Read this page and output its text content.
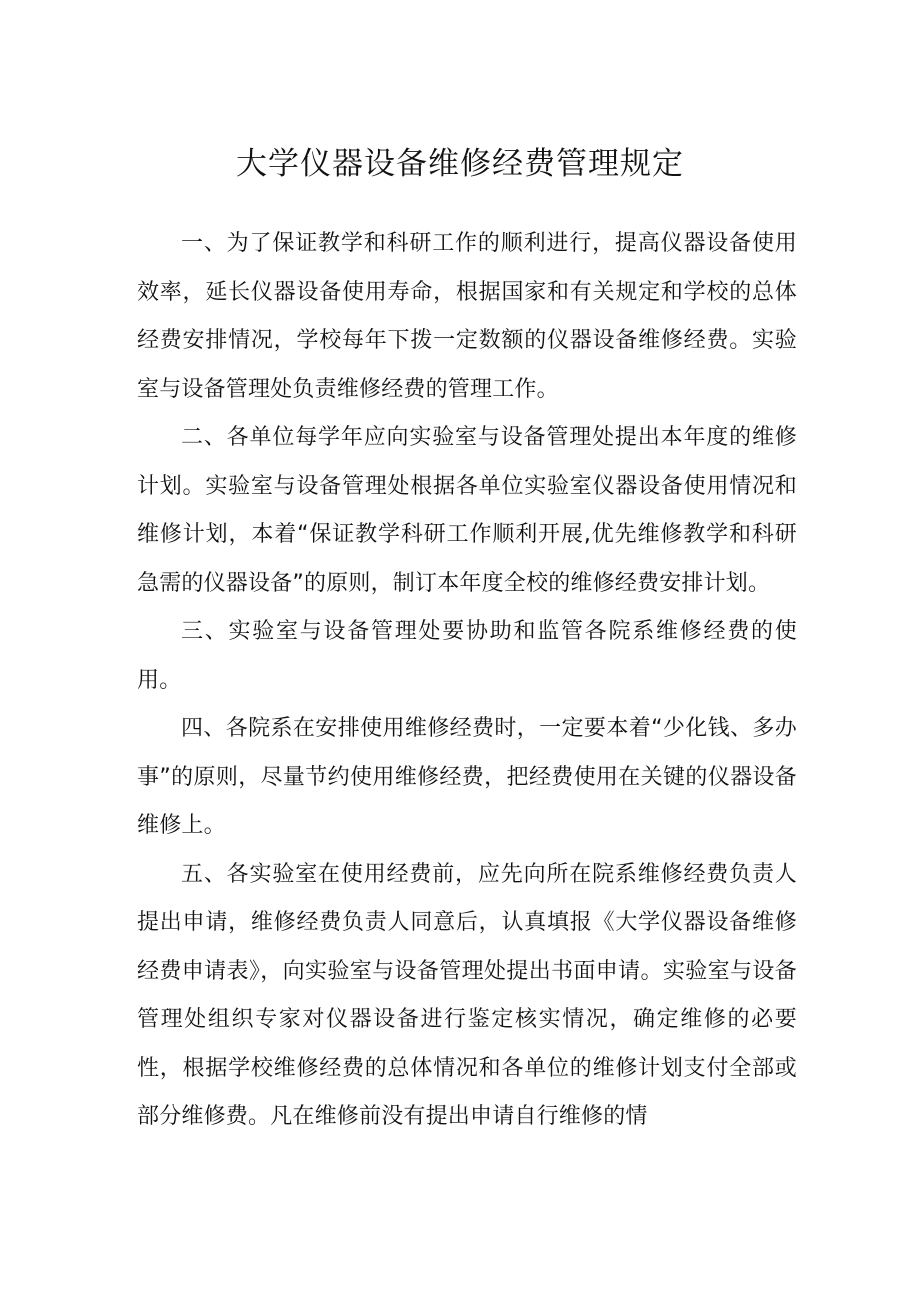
大学仪器设备维修经费管理规定

一、为了保证教学和科研工作的顺利进行，提高仪器设备使用效率，延长仪器设备使用寿命，根据国家和有关规定和学校的总体经费安排情况，学校每年下拨一定数额的仪器设备维修经费。实验室与设备管理处负责维修经费的管理工作。

二、各单位每学年应向实验室与设备管理处提出本年度的维修计划。实验室与设备管理处根据各单位实验室仪器设备使用情况和维修计划，本着“保证教学科研工作顺利开展,优先维修教学和科研急需的仪器设备”的原则，制订本年度全校的维修经费安排计划。

三、实验室与设备管理处要协助和监管各院系维修经费的使用。

四、各院系在安排使用维修经费时，一定要本着“少化钱、多办事”的原则，尽量节约使用维修经费，把经费使用在关键的仪器设备维修上。

五、各实验室在使用经费前，应先向所在院系维修经费负责人提出申请，维修经费负责人同意后，认真填报《大学仪器设备维修经费申请表》，向实验室与设备管理处提出书面申请。实验室与设备管理处组织专家对仪器设备进行鉴定核实情况，确定维修的必要性，根据学校维修经费的总体情况和各单位的维修计划支付全部或部分维修费。凡在维修前没有提出申请自行维修的情
